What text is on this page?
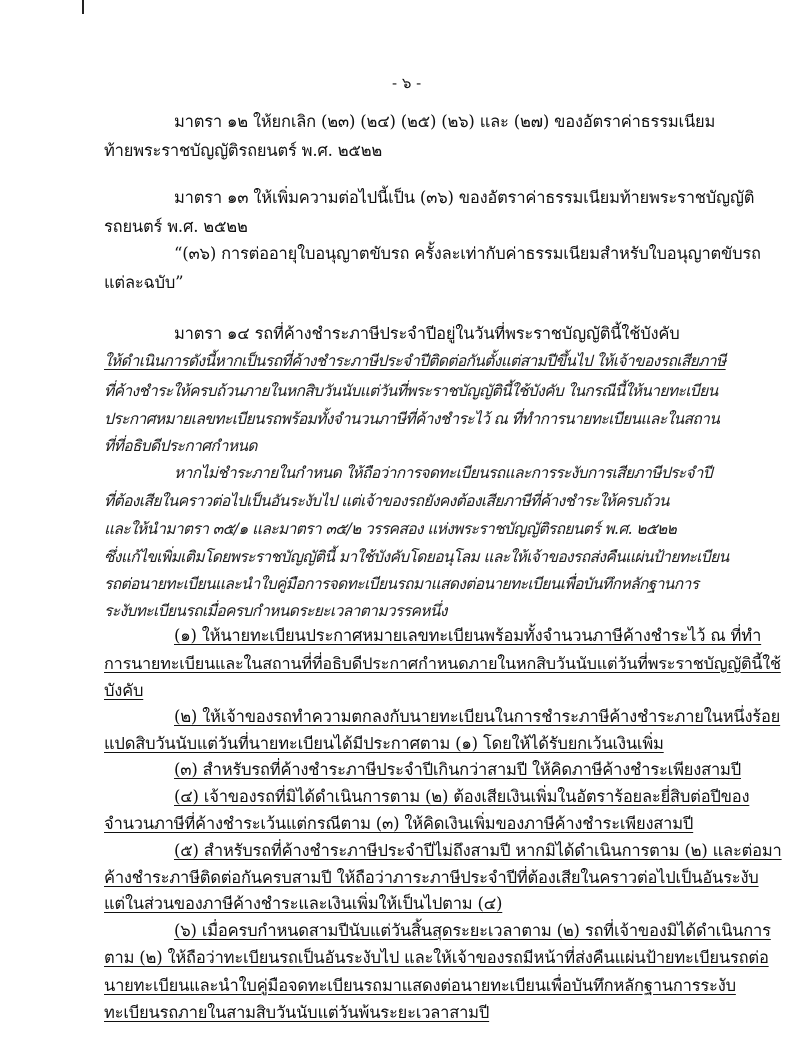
- ๖ -
มาตรา ๑๒ ให้ยกเลิก (๒๓) (๒๔) (๒๕) (๒๖) และ (๒๗) ของอัตราค่าธรรมเนียม
ท้ายพระราชบัญญัติรถยนตร์ พ.ศ. ๒๕๒๒
มาตรา ๑๓ ให้เพิ่มความต่อไปนี้เป็น (๓๖) ของอัตราค่าธรรมเนียมท้ายพระราชบัญญัติ
รถยนตร์ พ.ศ. ๒๕๒๒
“(๓๖) การต่ออายุใบอนุญาตขับรถ ครั้งละเท่ากับค่าธรรมเนียมสำหรับใบอนุญาตขับรถ
แต่ละฉบับ”
มาตรา ๑๔ รถที่ค้างชำระภาษีประจำปีอยู่ในวันที่พระราชบัญญัตินี้ใช้บังคับ
ให้ดำเนินการดังนี้หากเป็นรถที่ค้างชำระภาษีประจำปีติดต่อกันตั้งแต่สามปีขึ้นไป ให้เจ้าของรถเสียภาษี
ที่ค้างชำระให้ครบถ้วนภายในหกสิบวันนับแต่วันที่พระราชบัญญัตินี้ใช้บังคับ ในกรณีนี้ให้นายทะเบียน
ประกาศหมายเลขทะเบียนรถพร้อมทั้งจำนวนภาษีที่ค้างชำระไว้ ณ ที่ทำการนายทะเบียนและในสถาน
ที่ที่อธิบดีประกาศกำหนด
หากไม่ชำระภายในกำหนด ให้ถือว่าการจดทะเบียนรถและการระงับการเสียภาษีประจำปี
ที่ต้องเสียในคราวต่อไปเป็นอันระงับไป แต่เจ้าของรถยังคงต้องเสียภาษีที่ค้างชำระให้ครบถ้วน
และให้นำมาตรา ๓๕/๑ และมาตรา ๓๕/๒ วรรคสอง แห่งพระราชบัญญัติรถยนตร์ พ.ศ. ๒๕๒๒
ซึ่งแก้ไขเพิ่มเติมโดยพระราชบัญญัตินี้ มาใช้บังคับโดยอนุโลม และให้เจ้าของรถส่งคืนแผ่นป้ายทะเบียน
รถต่อนายทะเบียนและนำใบคู่มือการจดทะเบียนรถมาแสดงต่อนายทะเบียนเพื่อบันทึกหลักฐานการ
ระงับทะเบียนรถเมื่อครบกำหนดระยะเวลาตามวรรคหนึ่ง
(๑) ให้นายทะเบียนประกาศหมายเลขทะเบียนพร้อมทั้งจำนวนภาษีค้างชำระไว้ ณ ที่ทำ
การนายทะเบียนและในสถานที่ที่อธิบดีประกาศกำหนดภายในหกสิบวันนับแต่วันที่พระราชบัญญัตินี้ใช้
บังคับ
(๒) ให้เจ้าของรถทำความตกลงกับนายทะเบียนในการชำระภาษีค้างชำระภายในหนึ่งร้อย
แปดสิบวันนับแต่วันที่นายทะเบียนได้มีประกาศตาม (๑) โดยให้ได้รับยกเว้นเงินเพิ่ม
(๓) สำหรับรถที่ค้างชำระภาษีประจำปีเกินกว่าสามปี ให้คิดภาษีค้างชำระเพียงสามปี
(๔) เจ้าของรถที่มิได้ดำเนินการตาม (๒) ต้องเสียเงินเพิ่มในอัตราร้อยละยี่สิบต่อปีของ
จำนวนภาษีที่ค้างชำระเว้นแต่กรณีตาม (๓) ให้คิดเงินเพิ่มของภาษีค้างชำระเพียงสามปี
(๕) สำหรับรถที่ค้างชำระภาษีประจำปีไม่ถึงสามปี หากมิได้ดำเนินการตาม (๒) และต่อมา
ค้างชำระภาษีติดต่อกันครบสามปี ให้ถือว่าภาระภาษีประจำปีที่ต้องเสียในคราวต่อไปเป็นอันระงับ
แต่ในส่วนของภาษีค้างชำระและเงินเพิ่มให้เป็นไปตาม (๔)
(๖) เมื่อครบกำหนดสามปีนับแต่วันสิ้นสุดระยะเวลาตาม (๒) รถที่เจ้าของมิได้ดำเนินการ
ตาม (๒) ให้ถือว่าทะเบียนรถเป็นอันระงับไป และให้เจ้าของรถมีหน้าที่ส่งคืนแผ่นป้ายทะเบียนรถต่อ
นายทะเบียนและนำใบคู่มือจดทะเบียนรถมาแสดงต่อนายทะเบียนเพื่อบันทึกหลักฐานการระงับ
ทะเบียนรถภายในสามสิบวันนับแต่วันพ้นระยะเวลาสามปี
